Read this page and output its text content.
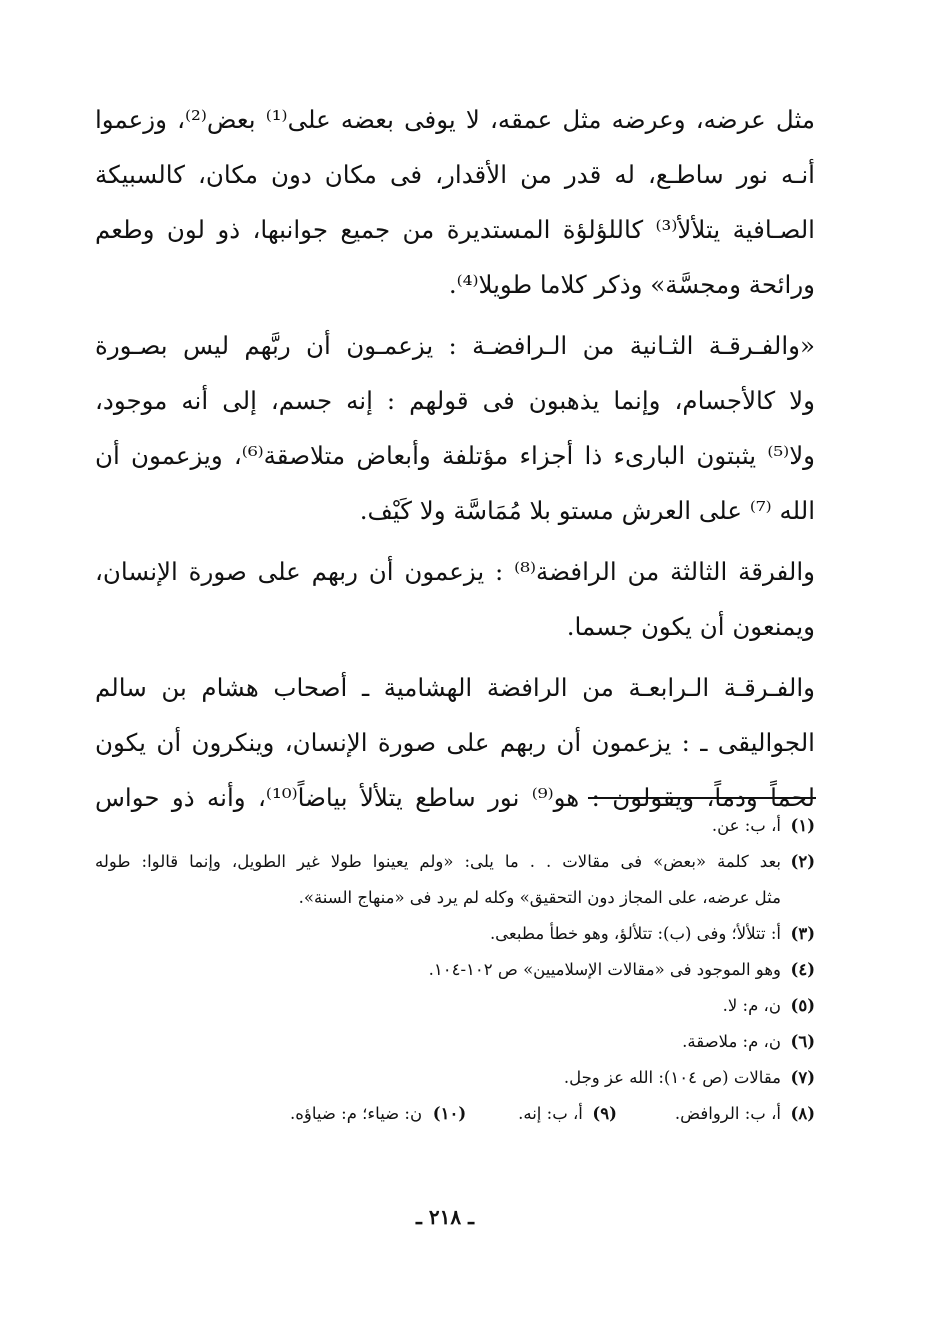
مثل عرضه، وعرضه مثل عمقه، لا يوفى بعضه على⁽¹⁾ بعض⁽²⁾، وزعموا
أنـه نور ساطـع، له قدر من الأقدار، فى مكان دون مكان، كالسبيكة
الصـافية يتلألأ⁽³⁾ كاللؤلؤة المستديرة من جميع جوانبها، ذو لون وطعم
ورائحة ومجسَّة» وذكر كلاما طويلا⁽⁴⁾.

«والفـرقـة الثـانية من الـرافضـة : يزعمـون أن ربَّهم ليس بصـورة
ولا كالأجسام، وإنما يذهبون فى قولهم : إنه جسم، إلى أنه موجود،
ولا⁽⁵⁾ يثبتون البارىء ذا أجزاء مؤتلفة وأبعاض متلاصقة⁽⁶⁾، ويزعمون أن
الله ⁽⁷⁾ على العرش مستو بلا مُمَاسَّة ولا كَيْف.

والفرقة الثالثة من الرافضة⁽⁸⁾ : يزعمون أن ربهم على صورة الإنسان،
ويمنعون أن يكون جسما.

والفـرقـة الـرابعـة من الرافضة الهشامية ـ أصحاب هشام بن سالم
الجواليقى ـ : يزعمون أن ربهم على صورة الإنسان، وينكرون أن يكون
لحماً ودماً، ويقولون : هو⁽⁹⁾ نور ساطع يتلألأ بياضاً⁽¹⁰⁾، وأنه ذو حواس

(١)
أ، ب: عن.
(٢)
بعد كلمة «بعض» فى مقالات . . ما يلى: «ولم يعينوا طولا غير الطويل، وإنما قالوا: طوله
مثل عرضه، على المجاز دون التحقيق» وكله لم يرد فى «منهاج السنة».
(٣)
أ: تتلألأ؛ وفى (ب): تتلألؤ، وهو خطأ مطبعى.
(٤)
وهو الموجود فى «مقالات الإسلاميين» ص ١٠٢-١٠٤.
(٥)
ن، م: لا.
(٦)
ن، م: ملاصقة.
(٧)
مقالات (ص ١٠٤): الله عز وجل.
(٨)
أ، ب: الروافض.
(٩)
أ، ب: إنه.
(١٠)
ن: ضياء؛ م: ضياؤه.
ـ ٢١٨ ـ
